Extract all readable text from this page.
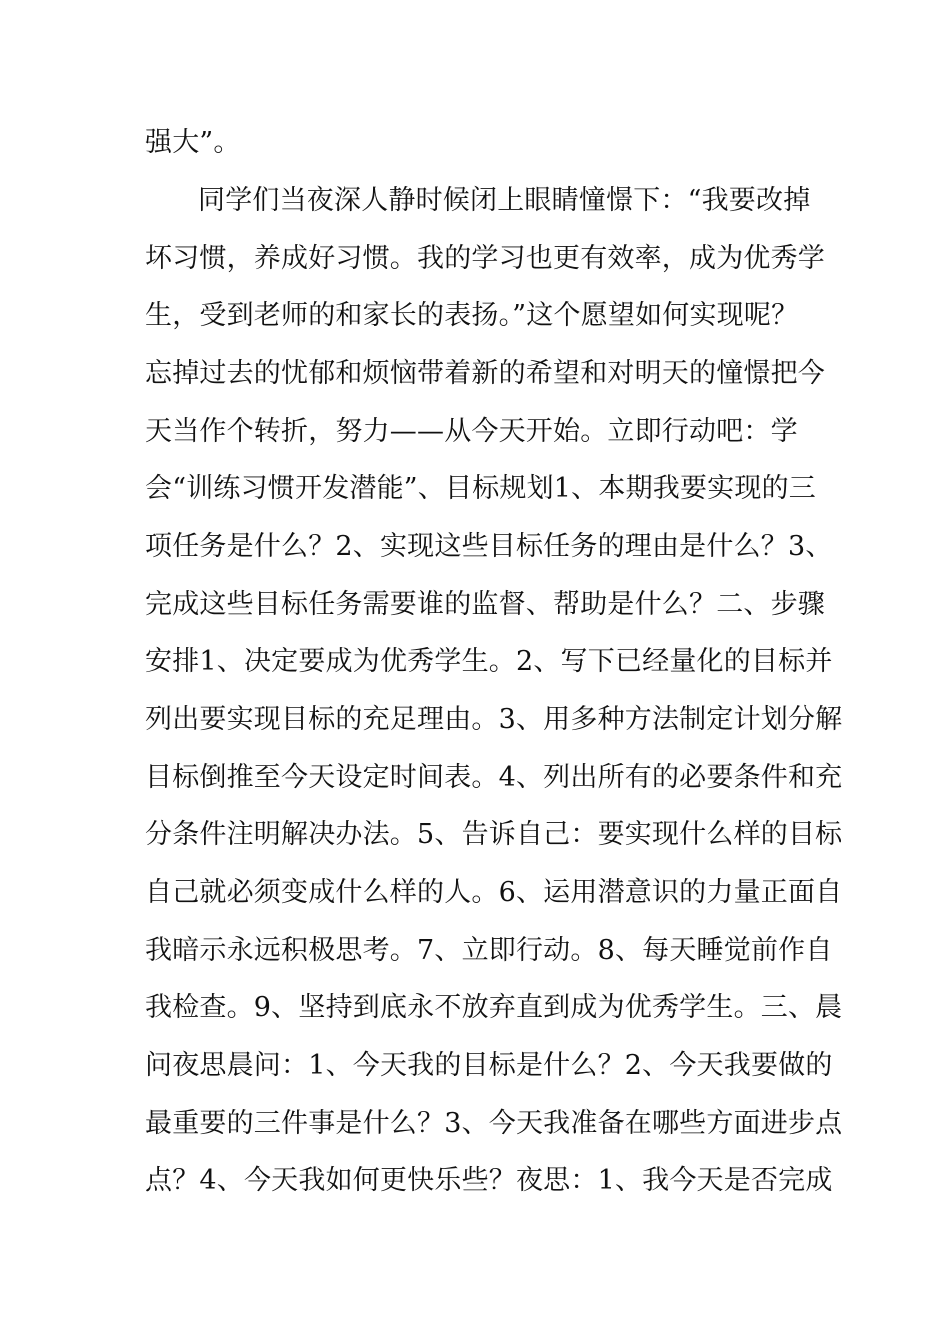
强大”。
同学们当夜深人静时候闭上眼睛憧憬下：“我要改掉
坏习惯，养成好习惯。我的学习也更有效率，成为优秀学
生，受到老师的和家长的表扬。”这个愿望如何实现呢？
忘掉过去的忧郁和烦恼带着新的希望和对明天的憧憬把今
天当作个转折，努力——从今天开始。立即行动吧：学
会“训练习惯开发潜能”、目标规划1、本期我要实现的三
项任务是什么？2、实现这些目标任务的理由是什么？3、
完成这些目标任务需要谁的监督、帮助是什么？二、步骤
安排1、决定要成为优秀学生。2、写下已经量化的目标并
列出要实现目标的充足理由。3、用多种方法制定计划分解
目标倒推至今天设定时间表。4、列出所有的必要条件和充
分条件注明解决办法。5、告诉自己：要实现什么样的目标
自己就必须变成什么样的人。6、运用潜意识的力量正面自
我暗示永远积极思考。7、立即行动。8、每天睡觉前作自
我检查。9、坚持到底永不放弃直到成为优秀学生。三、晨
问夜思晨问：1、今天我的目标是什么？2、今天我要做的
最重要的三件事是什么？3、今天我准备在哪些方面进步点
点？4、今天我如何更快乐些？夜思：1、我今天是否完成
